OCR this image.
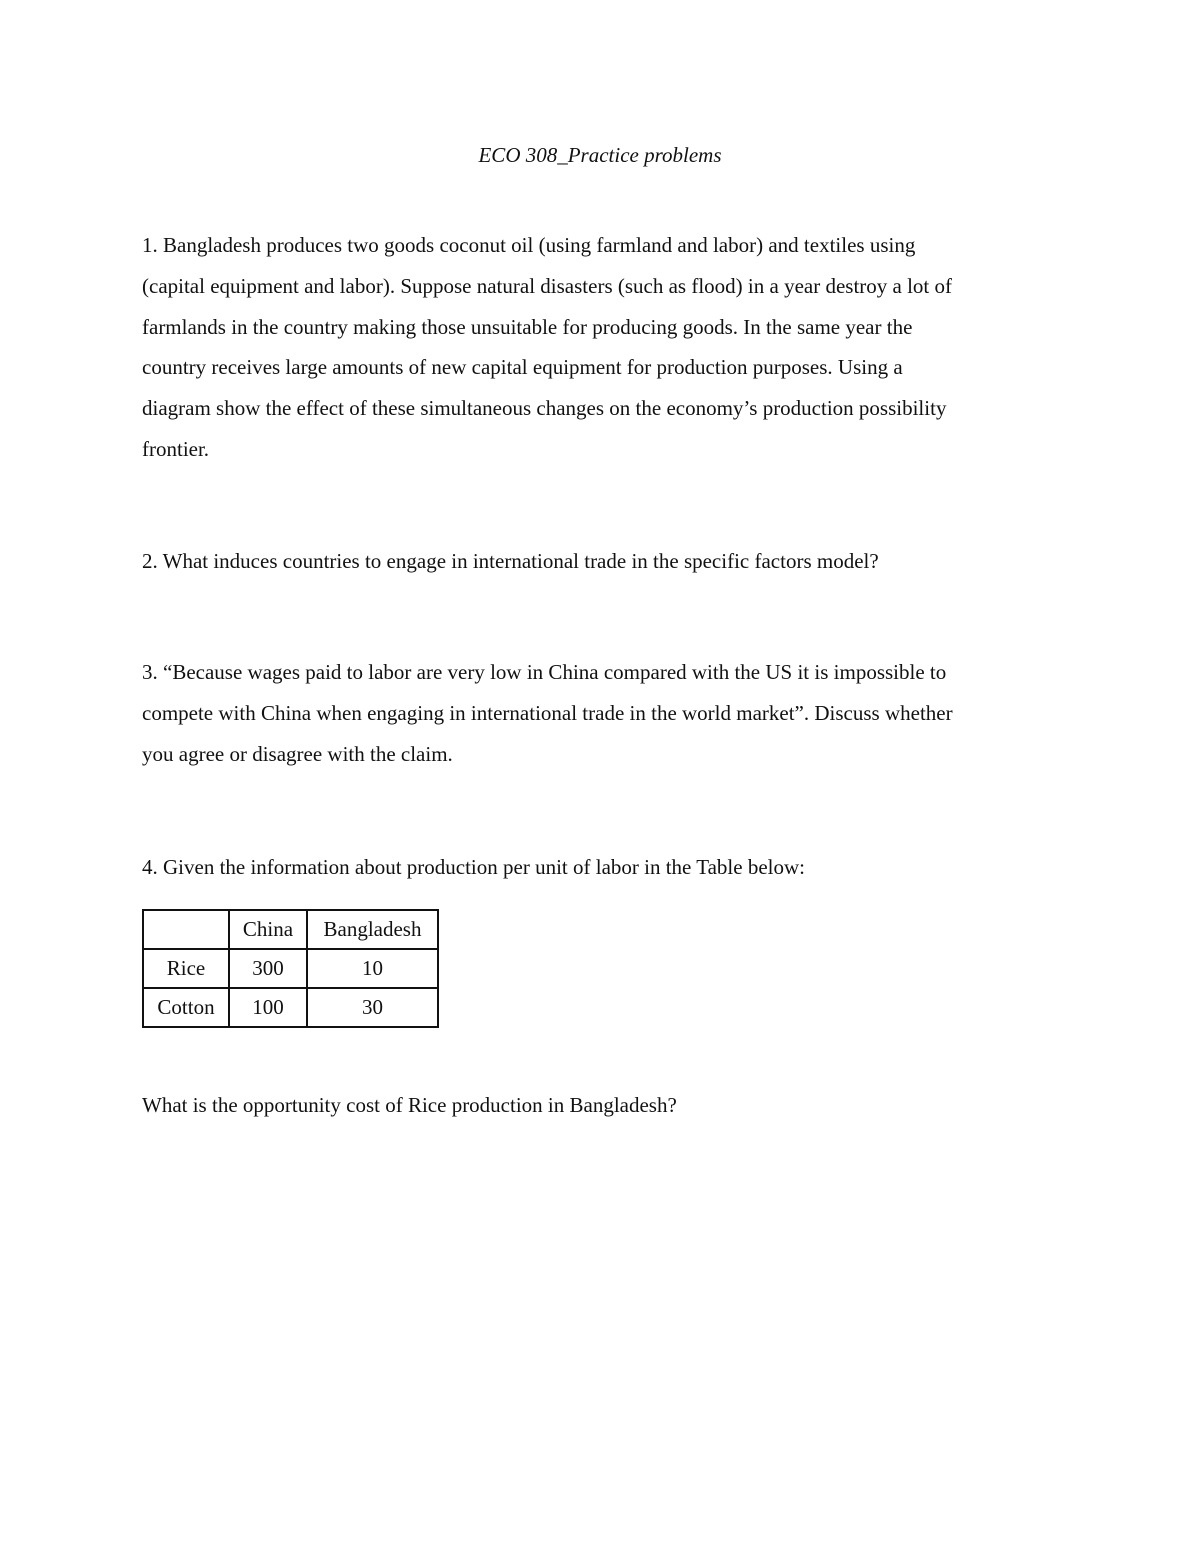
ECO 308_Practice problems

1. Bangladesh produces two goods coconut oil (using farmland and labor) and textiles using

(capital equipment and labor). Suppose natural disasters (such as flood) in a year destroy a lot of

farmlands in the country making those unsuitable for producing goods. In the same year the

country receives large amounts of new capital equipment for production purposes. Using a

diagram show the effect of these simultaneous changes on the economy’s production possibility

frontier.

2. What induces countries to engage in international trade in the specific factors model?

3. “Because wages paid to labor are very low in China compared with the US it is impossible to

compete with China when engaging in international trade in the world market”. Discuss whether

you agree or disagree with the claim.

4. Given the information about production per unit of labor in the Table below:

	China	Bangladesh
Rice	300	10
Cotton	100	30

What is the opportunity cost of Rice production in Bangladesh?
